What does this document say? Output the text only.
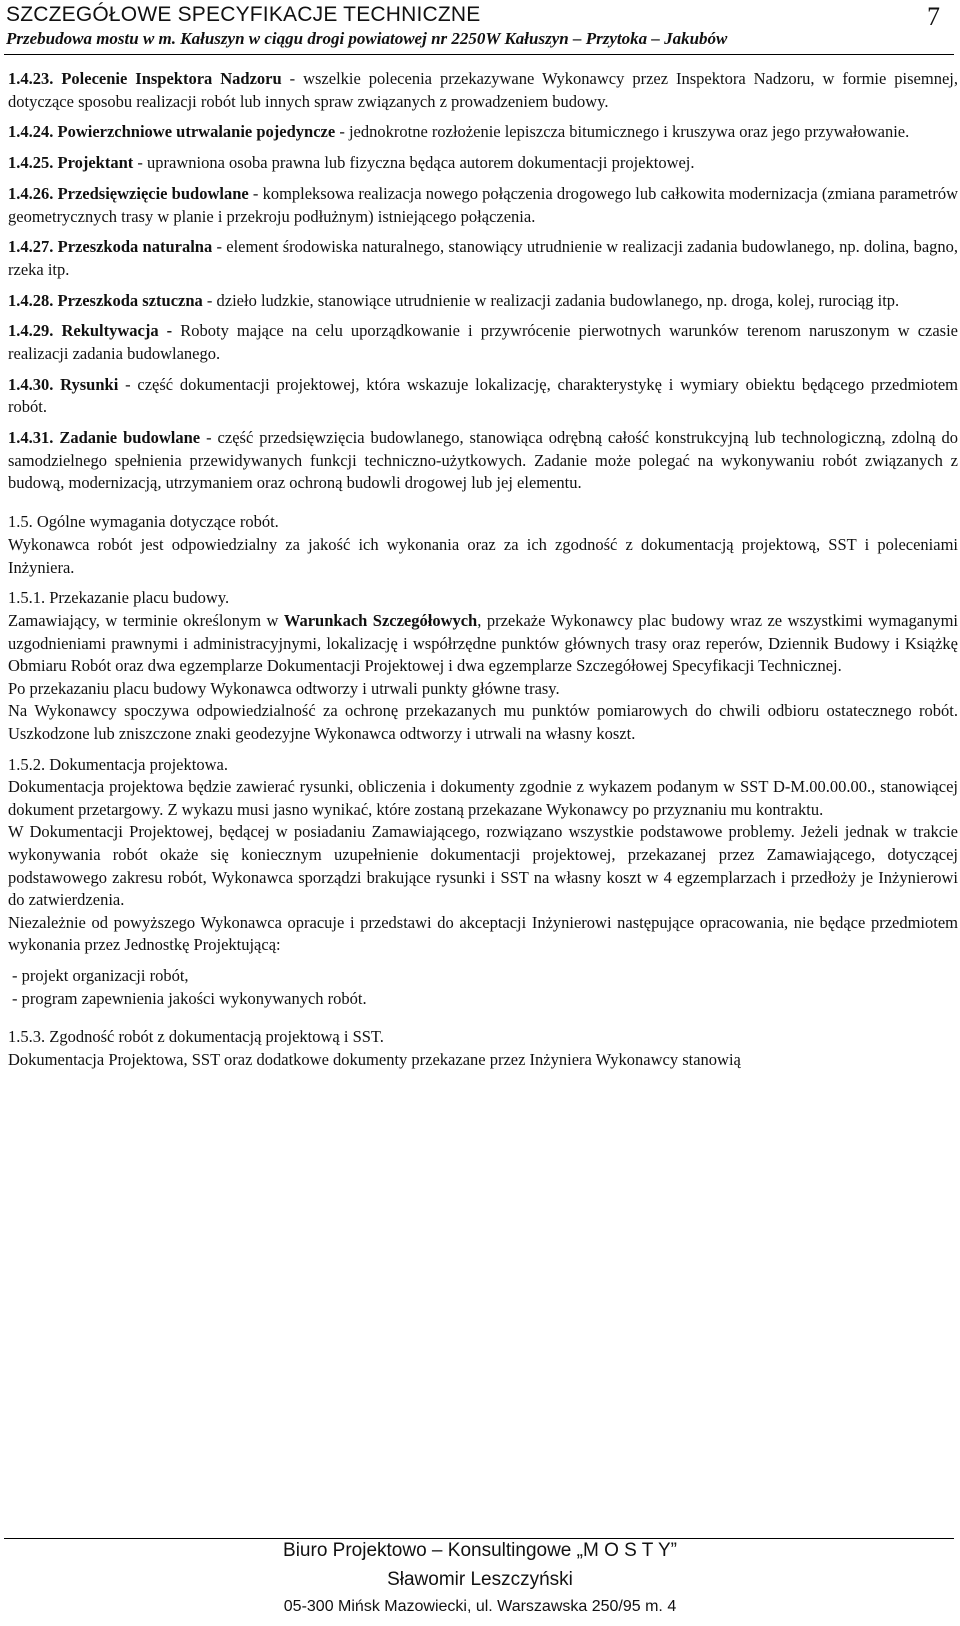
SZCZEGÓŁOWE SPECYFIKACJE TECHNICZNE	7
Przebudowa mostu w m. Kałuszyn w ciągu drogi powiatowej nr 2250W Kałuszyn – Przytoka – Jakubów

1.4.23. Polecenie Inspektora Nadzoru - wszelkie polecenia przekazywane Wykonawcy przez Inspektora Nadzoru, w formie pisemnej, dotyczące sposobu realizacji robót lub innych spraw związanych z prowadzeniem budowy.

1.4.24. Powierzchniowe utrwalanie pojedyncze - jednokrotne rozłożenie lepiszcza bitumicznego i kruszywa oraz jego przywałowanie.

1.4.25. Projektant - uprawniona osoba prawna lub fizyczna będąca autorem dokumentacji projektowej.

1.4.26. Przedsięwzięcie budowlane - kompleksowa realizacja nowego połączenia drogowego lub całkowita modernizacja (zmiana parametrów geometrycznych trasy w planie i przekroju podłużnym) istniejącego połączenia.

1.4.27. Przeszkoda naturalna - element środowiska naturalnego, stanowiący utrudnienie w realizacji zadania budowlanego, np. dolina, bagno, rzeka itp.

1.4.28. Przeszkoda sztuczna - dzieło ludzkie, stanowiące utrudnienie w realizacji zadania budowlanego, np. droga, kolej, rurociąg itp.

1.4.29. Rekultywacja - Roboty mające na celu uporządkowanie i przywrócenie pierwotnych warunków terenom naruszonym w czasie realizacji zadania budowlanego.

1.4.30. Rysunki - część dokumentacji projektowej, która wskazuje lokalizację, charakterystykę i wymiary obiektu będącego przedmiotem robót.

1.4.31. Zadanie budowlane - część przedsięwzięcia budowlanego, stanowiąca odrębną całość konstrukcyjną lub technologiczną, zdolną do samodzielnego spełnienia przewidywanych funkcji techniczno-użytkowych. Zadanie może polegać na wykonywaniu robót związanych z budową, modernizacją, utrzymaniem oraz ochroną budowli drogowej lub jej elementu.

1.5. Ogólne wymagania dotyczące robót.

Wykonawca robót jest odpowiedzialny za jakość ich wykonania oraz za ich zgodność z dokumentacją projektową, SST i poleceniami Inżyniera.

1.5.1. Przekazanie placu budowy.

Zamawiający, w terminie określonym w Warunkach Szczegółowych, przekaże Wykonawcy plac budowy wraz ze wszystkimi wymaganymi uzgodnieniami prawnymi i administracyjnymi, lokalizację i współrzędne punktów głównych trasy oraz reperów, Dziennik Budowy i Książkę Obmiaru Robót oraz dwa egzemplarze Dokumentacji Projektowej i dwa egzemplarze Szczegółowej Specyfikacji Technicznej.

Po przekazaniu placu budowy Wykonawca odtworzy i utrwali punkty główne trasy.

Na Wykonawcy spoczywa odpowiedzialność za ochronę przekazanych mu punktów pomiarowych do chwili odbioru ostatecznego robót. Uszkodzone lub zniszczone znaki geodezyjne Wykonawca odtworzy i utrwali na własny koszt.

1.5.2. Dokumentacja projektowa.

Dokumentacja projektowa będzie zawierać rysunki, obliczenia i dokumenty zgodnie z wykazem podanym w SST D-M.00.00.00., stanowiącej dokument przetargowy. Z wykazu musi jasno wynikać, które zostaną przekazane Wykonawcy po przyznaniu mu kontraktu.

W Dokumentacji Projektowej, będącej w posiadaniu Zamawiającego, rozwiązano wszystkie podstawowe problemy. Jeżeli jednak w trakcie wykonywania robót okaże się koniecznym uzupełnienie dokumentacji projektowej, przekazanej przez Zamawiającego, dotyczącej podstawowego zakresu robót, Wykonawca sporządzi brakujące rysunki i SST na własny koszt w 4 egzemplarzach i przedłoży je Inżynierowi do zatwierdzenia.

Niezależnie od powyższego Wykonawca opracuje i przedstawi do akceptacji Inżynierowi następujące opracowania, nie będące przedmiotem wykonania przez Jednostkę Projektującą:

- projekt organizacji robót,

- program zapewnienia jakości wykonywanych robót.

1.5.3. Zgodność robót z dokumentacją projektową i SST.

Dokumentacja Projektowa, SST oraz dodatkowe dokumenty przekazane przez Inżyniera Wykonawcy stanowią

Biuro Projektowo – Konsultingowe „M O S T Y”
Sławomir Leszczyński
05-300 Mińsk Mazowiecki, ul. Warszawska 250/95 m. 4
